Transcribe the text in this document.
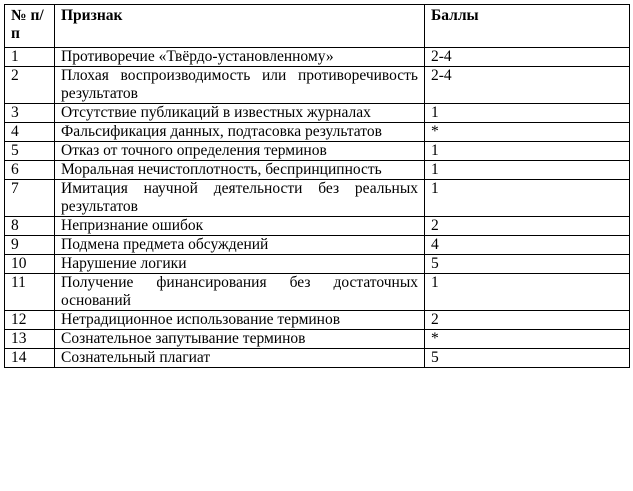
№ п/п	Признак	Баллы
1	Противоречие «Твёрдо-установленному»	2-4
2	Плохая воспроизводимость или противоречивость результатов	2-4
3	Отсутствие публикаций в известных журналах	1
4	Фальсификация данных, подтасовка результатов	*
5	Отказ от точного определения терминов	1
6	Моральная нечистоплотность, беспринципность	1
7	Имитация научной деятельности без реальных результатов	1
8	Непризнание ошибок	2
9	Подмена предмета обсуждений	4
10	Нарушение логики	5
11	Получение финансирования без достаточных оснований	1
12	Нетрадиционное использование терминов	2
13	Сознательное запутывание терминов	*
14	Сознательный плагиат	5
